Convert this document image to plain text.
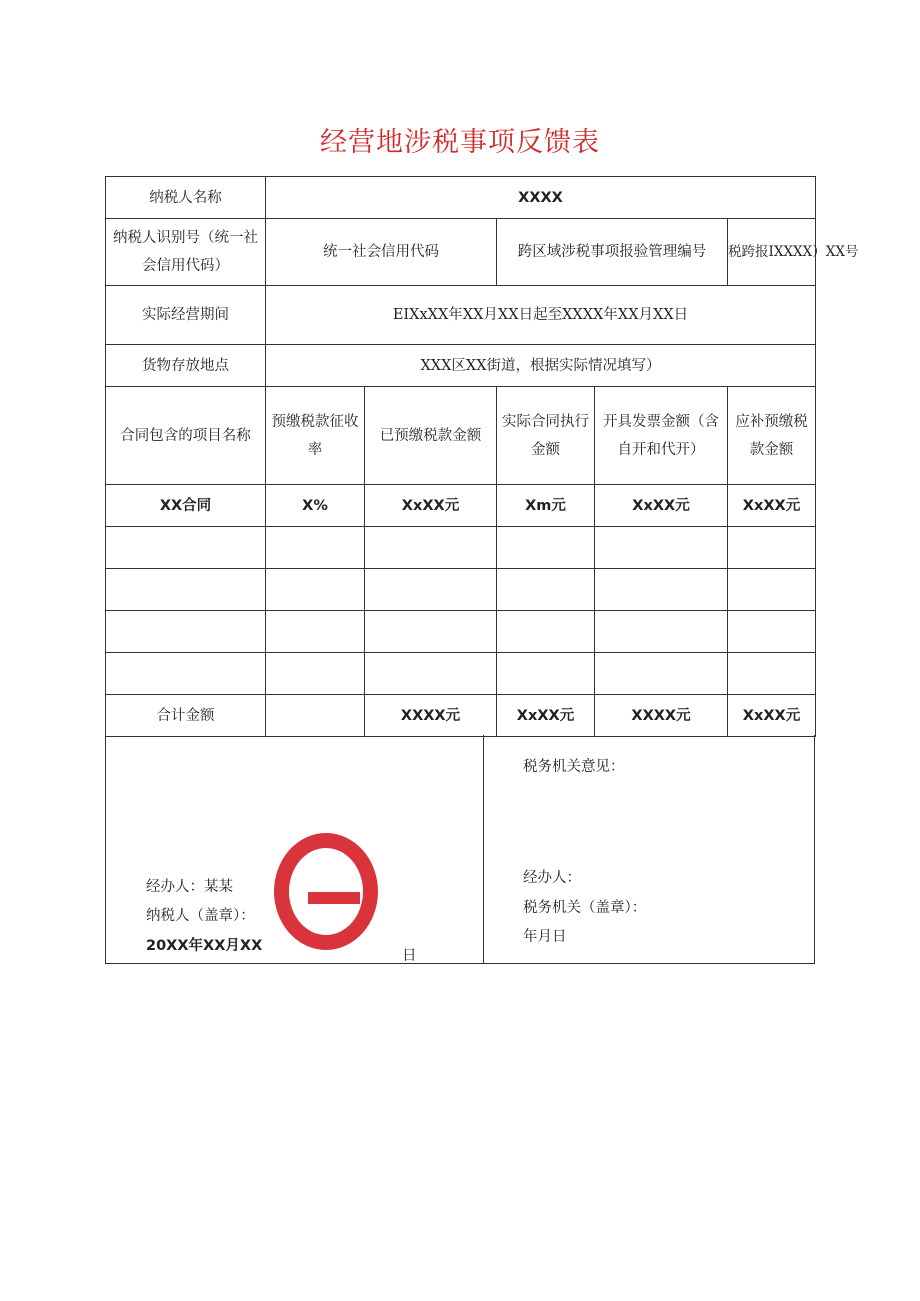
经营地涉税事项反馈表
纳税人名称	XXXX				
纳税人识别号（统一社会信用代码）	统一社会信用代码		跨区域涉税事项报验管理编号		税跨报IXXXX）XX号
实际经营期间	EIXxXX年XX月XX日起至XXXX年XX月XX日				
货物存放地点	XXX区XX街道，根据实际情况填写）				
合同包含的项目名称	预缴税款征收率	已预缴税款金额	实际合同执行金额	开具发票金额（含自开和代开）	应补预缴税款金额
XX合同	X%	XxXX元	Xm元	XxXX元	XxXX元

合计金额		XXXX元	XxXX元	XXXX元	XxXX元
经办人：某某
纳税人（盖章）：
20XX年XX月XX
日
税务机关意见：
经办人：
税务机关（盖章）：
年月日
